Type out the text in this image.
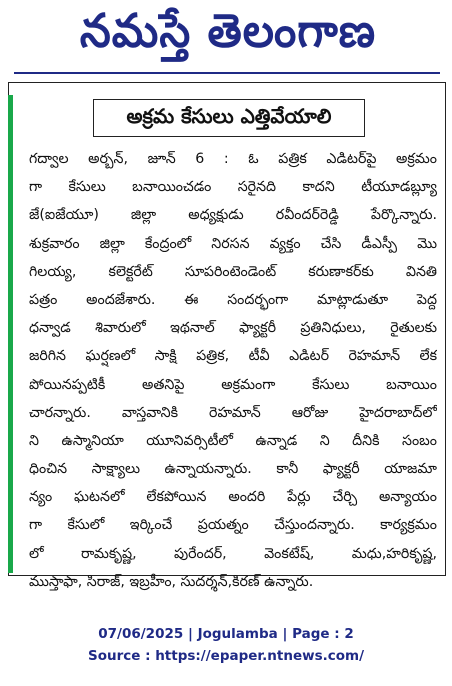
నమస్తే తెలంగాణ
అక్రమ కేసులు ఎత్తివేయాలి
గద్వాల అర్బన్, జూన్ 6 : ఓ పత్రిక ఎడిటర్‌పై అక్రమం
గా కేసులు బనాయించడం సరైనది కాదని టీయూడబ్ల్యూ
జే(ఐజేయూ) జిల్లా అధ్యక్షుడు రవీందర్‌రెడ్డి పేర్కొన్నారు.
శుక్రవారం జిల్లా కేంద్రంలో నిరసన వ్యక్తం చేసి డీఎస్పీ మొ
గిలయ్య, కలెక్టరేట్ సూపరింటెండెంట్ కరుణాకర్‌కు వినతి
పత్రం అందజేశారు. ఈ సందర్భంగా మాట్లాడుతూ పెద్ద
ధన్వాడ శివారులో ఇథనాల్ ఫ్యాక్టరీ ప్రతినిధులు, రైతులకు
జరిగిన ఘర్షణలో సాక్షి పత్రిక, టీవీ ఎడిటర్ రెహమాన్ లేక
పోయినప్పటికీ అతనిపై అక్రమంగా కేసులు బనాయిం
చారన్నారు. వాస్తవానికి రెహమాన్ ఆరోజు హైదరాబాద్‌లో
ని ఉస్మానియా యూనివర్సిటీలో ఉన్నాడ ని దీనికి సంబం
ధించిన సాక్ష్యాలు ఉన్నాయన్నారు. కానీ ఫ్యాక్టరీ యాజమా
న్యం ఘటనలో లేకపోయిన అందరి పేర్లు చేర్చి అన్యాయం
గా కేసులో ఇర్కించే ప్రయత్నం చేస్తుందన్నారు. కార్యక్రమం
లో రామకృష్ణ, పురేందర్, వెంకటేష్, మధు,హరికృష్ణ,
ముస్తాఫా, సిరాజ్, ఇబ్రహీం, సుదర్శన్,కిరణ్ ఉన్నారు.
07/06/2025 | Jogulamba | Page : 2
Source : https://epaper.ntnews.com/
